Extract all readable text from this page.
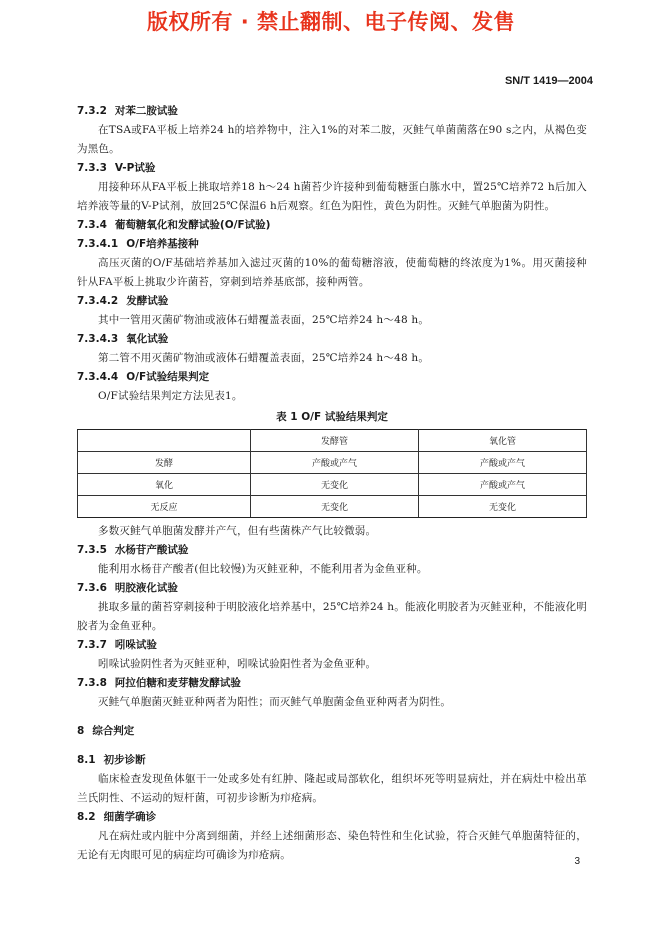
版权所有 · 禁止翻制、电子传阅、发售
SN/T 1419—2004
7.3.2 对苯二胺试验
在TSA或FA平板上培养24 h的培养物中，注入1%的对苯二胺，灭鲑气单菌菌落在90 s之内，从褐色变为黑色。
7.3.3 V-P试验
用接种环从FA平板上挑取培养18 h～24 h菌苔少许接种到葡萄糖蛋白胨水中，置25℃培养72 h后加入培养液等量的V-P试剂，放回25℃保温6 h后观察。红色为阳性，黄色为阴性。灭鲑气单胞菌为阴性。
7.3.4 葡萄糖氧化和发酵试验(O/F试验)
7.3.4.1 O/F培养基接种
高压灭菌的O/F基础培养基加入滤过灭菌的10%的葡萄糖溶液，使葡萄糖的终浓度为1%。用灭菌接种针从FA平板上挑取少许菌苔，穿刺到培养基底部，接种两管。
7.3.4.2 发酵试验
其中一管用灭菌矿物油或液体石蜡覆盖表面，25℃培养24 h～48 h。
7.3.4.3 氧化试验
第二管不用灭菌矿物油或液体石蜡覆盖表面，25℃培养24 h～48 h。
7.3.4.4 O/F试验结果判定
O/F试验结果判定方法见表1。
表 1 O/F 试验结果判定
	发酵管	氧化管
发酵	产酸或产气	产酸或产气
氧化	无变化	产酸或产气
无反应	无变化	无变化
多数灭鲑气单胞菌发酵并产气，但有些菌株产气比较微弱。
7.3.5 水杨苷产酸试验
能利用水杨苷产酸者(但比较慢)为灭鲑亚种，不能利用者为金鱼亚种。
7.3.6 明胶液化试验
挑取多量的菌苔穿刺接种于明胶液化培养基中，25℃培养24 h。能液化明胶者为灭鲑亚种，不能液化明胶者为金鱼亚种。
7.3.7 吲哚试验
吲哚试验阴性者为灭鲑亚种，吲哚试验阳性者为金鱼亚种。
7.3.8 阿拉伯糖和麦芽糖发酵试验
灭鲑气单胞菌灭鲑亚种两者为阳性；而灭鲑气单胞菌金鱼亚种两者为阴性。
8 综合判定
8.1 初步诊断
临床检查发现鱼体躯干一处或多处有红肿、隆起或局部软化，组织坏死等明显病灶，并在病灶中检出革兰氏阴性、不运动的短杆菌，可初步诊断为疖疮病。
8.2 细菌学确诊
凡在病灶或内脏中分离到细菌，并经上述细菌形态、染色特性和生化试验，符合灭鲑气单胞菌特征的，无论有无肉眼可见的病症均可确诊为疖疮病。
3
